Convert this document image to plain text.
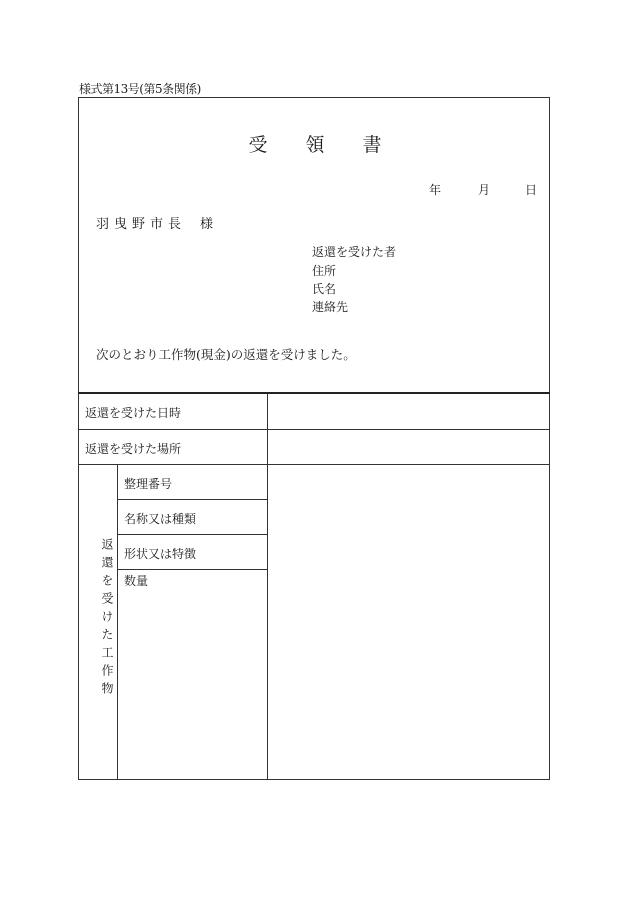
様式第13号(第5条関係)
受 領 書
年	月	日
羽曳野市長 様
返還を受けた者
住所
氏名
連絡先
次のとおり工作物(現金)の返還を受けました。
返還を受けた日時
返還を受けた場所
返還を受けた工作物
整理番号
名称又は種類
形状又は特徴
数量
